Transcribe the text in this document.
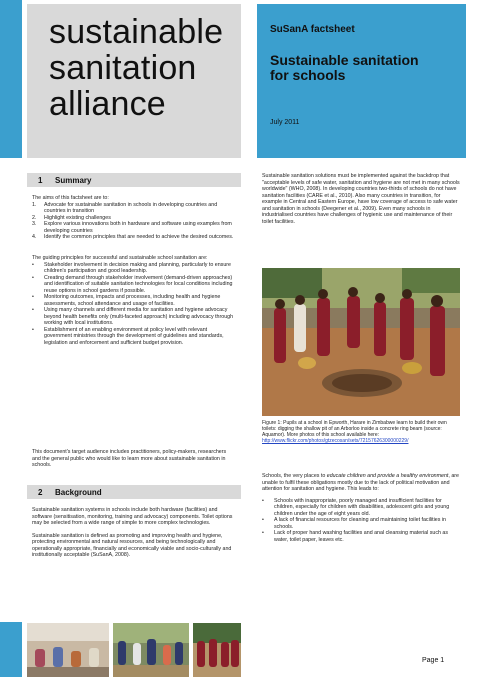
sustainable
sanitation
alliance
SuSanA factsheet
Sustainable sanitation
for schools
July 2011
1 Summary

The aims of this factsheet are to:

1. Advocate for sustainable sanitation in schools in developing countries and countries in transition
2. Highlight existing challenges
3. Explore various innovations both in hardware and software using examples from developing countries
4. Identify the common principles that are needed to achieve the desired outcomes.

The guiding principles for successful and sustainable school sanitation are:

• Stakeholder involvement in decision making and planning, particularly to ensure children's participation and good leadership.
• Creating demand through stakeholder involvement (demand-driven approaches) and identification of suitable sanitation technologies for local conditions including reuse options in school gardens if possible.
• Monitoring outcomes, impacts and processes, including health and hygiene assessments, school attendance and usage of facilities.
• Using many channels and different media for sanitation and hygiene advocacy beyond health benefits only (multi-faceted approach) including advocacy through working with local institutions.
• Establishment of an enabling environment at policy level with relevant government ministries through the development of guidelines and standards, legislation and enforcement and sufficient budget provision.

This document's target audience includes practitioners, policy-makers, researchers and the general public who would like to learn more about sustainable sanitation in schools.

2 Background

Sustainable sanitation systems in schools include both hardware (facilities) and software (sensitisation, monitoring, training and advocacy) components. Toilet options may be selected from a wide range of simple to more complex technologies.

Sustainable sanitation is defined as promoting and improving health and hygiene, protecting environmental and natural resources, and being technologically and operationally appropriate, financially and economically viable and socio-culturally and institutionally acceptable (SuSanA, 2008).

Sustainable sanitation solutions must be implemented against the backdrop that "acceptable levels of safe water, sanitation and hygiene are not met in many schools worldwide" (WHO, 2008). In developing countries two-thirds of schools do not have sanitation facilities (CARE et al., 2010). Also many countries in transition, for example in Central and Eastern Europe, have low coverage of access to safe water and sanitation in schools (Deegener et al., 2009). Even many schools in industrialised countries have challenges of hygienic use and maintenance of their toilet facilities.

Figure 1: Pupils at a school in Epworth, Harare in Zimbabwe learn to build their own toilets: digging the shallow pit of an Arborloo inside a concrete ring beam (source: Aquamor). More photos of this school available here: http://www.flickr.com/photos/gtzecosan/sets/72157626300000229/

Schools, the very places to educate children and provide a healthy environment, are unable to fulfil these obligations mostly due to the lack of political motivation and attention for sanitation and hygiene. This leads to:

• Schools with inappropriate, poorly managed and insufficient facilities for children, especially for children with disabilities, adolescent girls and young children under the age of eight years old.
• A lack of financial resources for cleaning and maintaining toilet facilities in schools.
• Lack of proper hand washing facilities and anal cleansing material such as water, toilet paper, leaves etc.
Page 1
